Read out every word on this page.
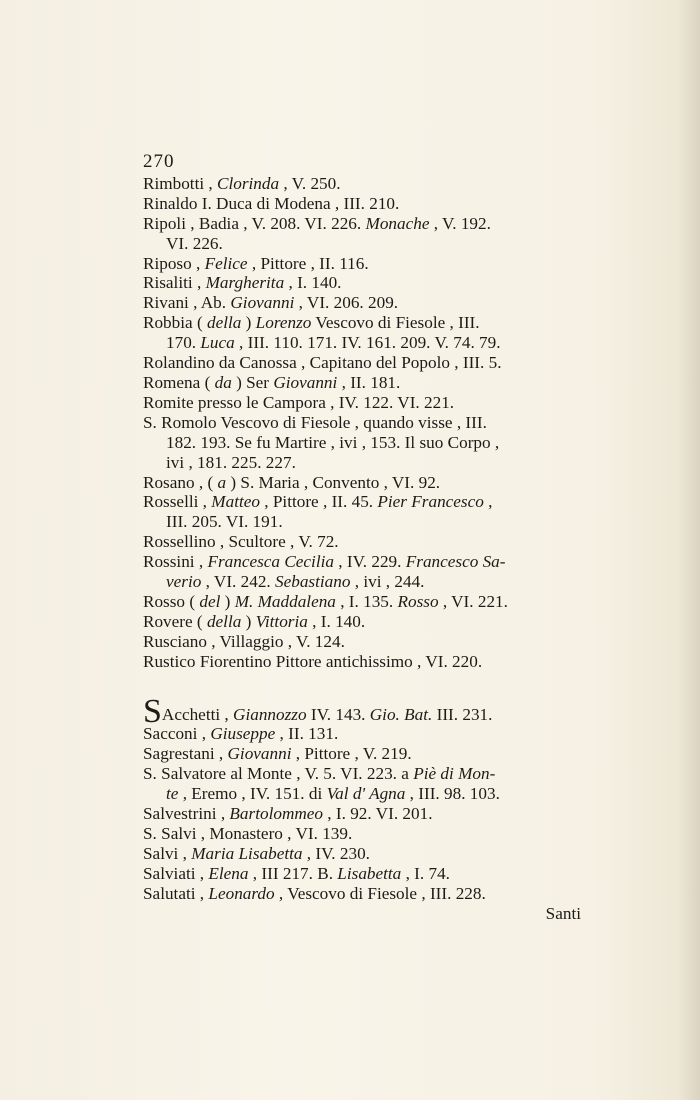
270
Rimbotti , Clorinda , V. 250.
Rinaldo I. Duca di Modena , III. 210.
Ripoli , Badia , V. 208. VI. 226. Monache , V. 192.
VI. 226.
Riposo , Felice , Pittore , II. 116.
Risaliti , Margherita , I. 140.
Rivani , Ab. Giovanni , VI. 206. 209.
Robbia ( della ) Lorenzo Vescovo di Fiesole , III.
170. Luca , III. 110. 171. IV. 161. 209. V. 74. 79.
Rolandino da Canossa , Capitano del Popolo , III. 5.
Romena ( da ) Ser Giovanni , II. 181.
Romite presso le Campora , IV. 122. VI. 221.
S. Romolo Vescovo di Fiesole , quando visse , III.
182. 193. Se fu Martire , ivi , 153. Il suo Corpo ,
ivi , 181. 225. 227.
Rosano , ( a ) S. Maria , Convento , VI. 92.
Rosselli , Matteo , Pittore , II. 45. Pier Francesco ,
III. 205. VI. 191.
Rossellino , Scultore , V. 72.
Rossini , Francesca Cecilia , IV. 229. Francesco Sa-
verio , VI. 242. Sebastiano , ivi , 244.
Rosso ( del ) M. Maddalena , I. 135. Rosso , VI. 221.
Rovere ( della ) Vittoria , I. 140.
Rusciano , Villaggio , V. 124.
Rustico Fiorentino Pittore antichissimo , VI. 220.
SAcchetti , Giannozzo IV. 143. Gio. Bat. III. 231.
Sacconi , Giuseppe , II. 131.
Sagrestani , Giovanni , Pittore , V. 219.
S. Salvatore al Monte , V. 5. VI. 223. a Piè di Mon-
te , Eremo , IV. 151. di Val d' Agna , III. 98. 103.
Salvestrini , Bartolommeo , I. 92. VI. 201.
S. Salvi , Monastero , VI. 139.
Salvi , Maria Lisabetta , IV. 230.
Salviati , Elena , III 217. B. Lisabetta , I. 74.
Salutati , Leonardo , Vescovo di Fiesole , III. 228.
Santi
